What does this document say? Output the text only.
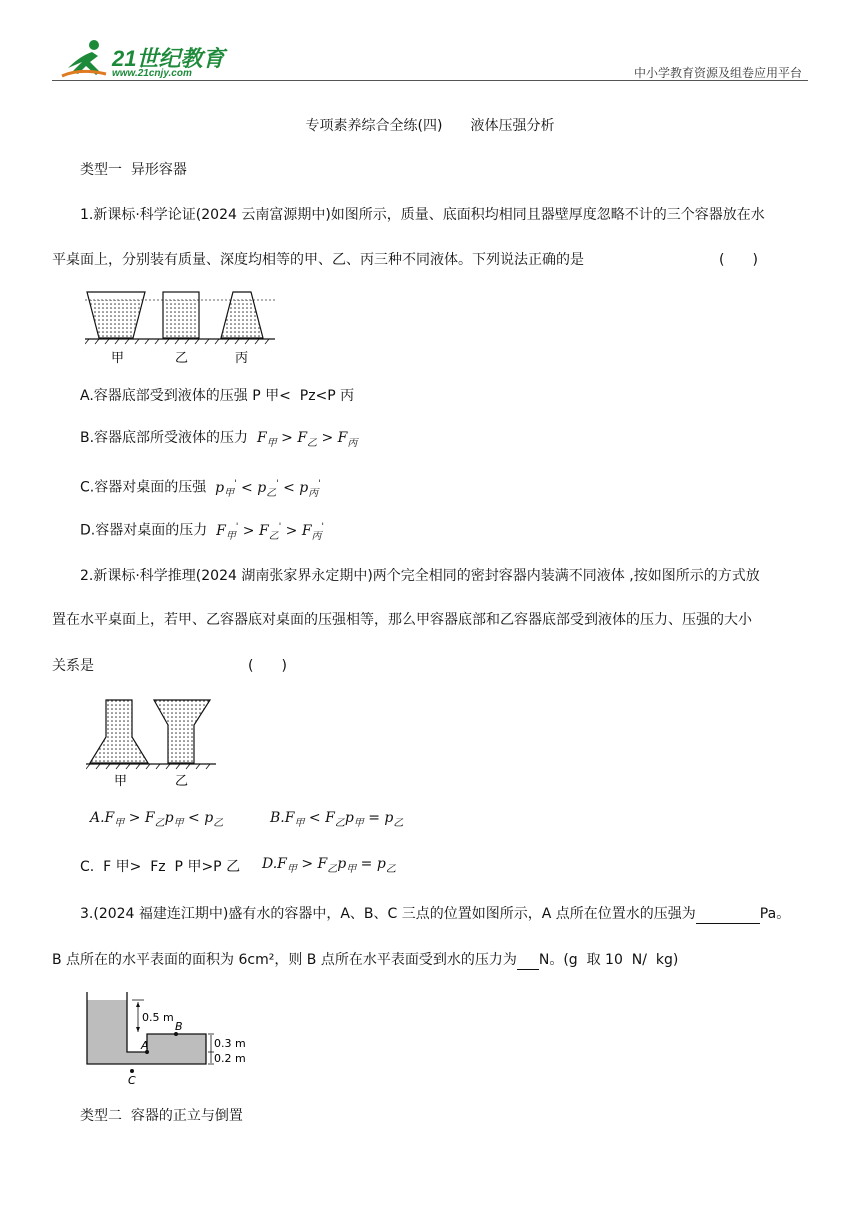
21世纪教育
www.21cnjy.com	中小学教育资源及组卷应用平台
专项素养综合全练(四)　　液体压强分析
类型一  异形容器
1.新课标·科学论证(2024 云南富源期中)如图所示，质量、底面积均相同且器壁厚度忽略不计的三个容器放在水
平桌面上，分别装有质量、深度均相等的甲、乙、丙三种不同液体。下列说法正确的是	(　　)
甲	乙	丙
A.容器底部受到液体的压强 P 甲<  Pz<P 丙
B.容器底部所受液体的压力  $F_甲 > F_乙 > F_丙$
C.容器对桌面的压强  $p_甲' < p_乙' < p_丙'$
D.容器对桌面的压力  $F_甲' > F_乙' > F_丙'$
2.新课标·科学推理(2024 湖南张家界永定期中)两个完全相同的密封容器内装满不同液体 ,按如图所示的方式放
置在水平桌面上，若甲、乙容器底对桌面的压强相等，那么甲容器底部和乙容器底部受到液体的压力、压强的大小
关系是	(　　)
甲	乙
$A.F_甲 > F_乙p_甲 < p_乙$	$B.F_甲 < F_乙p_甲 = p_乙$
C.  F 甲>  Fz  P 甲>P 乙 $D.F_甲 > F_乙p_甲 = p_乙$
3.(2024 福建连江期中)盛有水的容器中，A、B、C 三点的位置如图所示，A 点所在位置水的压强为	Pa。
B 点所在的水平表面的面积为 6cm²，则 B 点所在水平表面受到水的压力为 N。(g  取 10  N/  kg)
0.5 m
B
A	0.3 m
0.2 m
C
类型二  容器的正立与倒置
